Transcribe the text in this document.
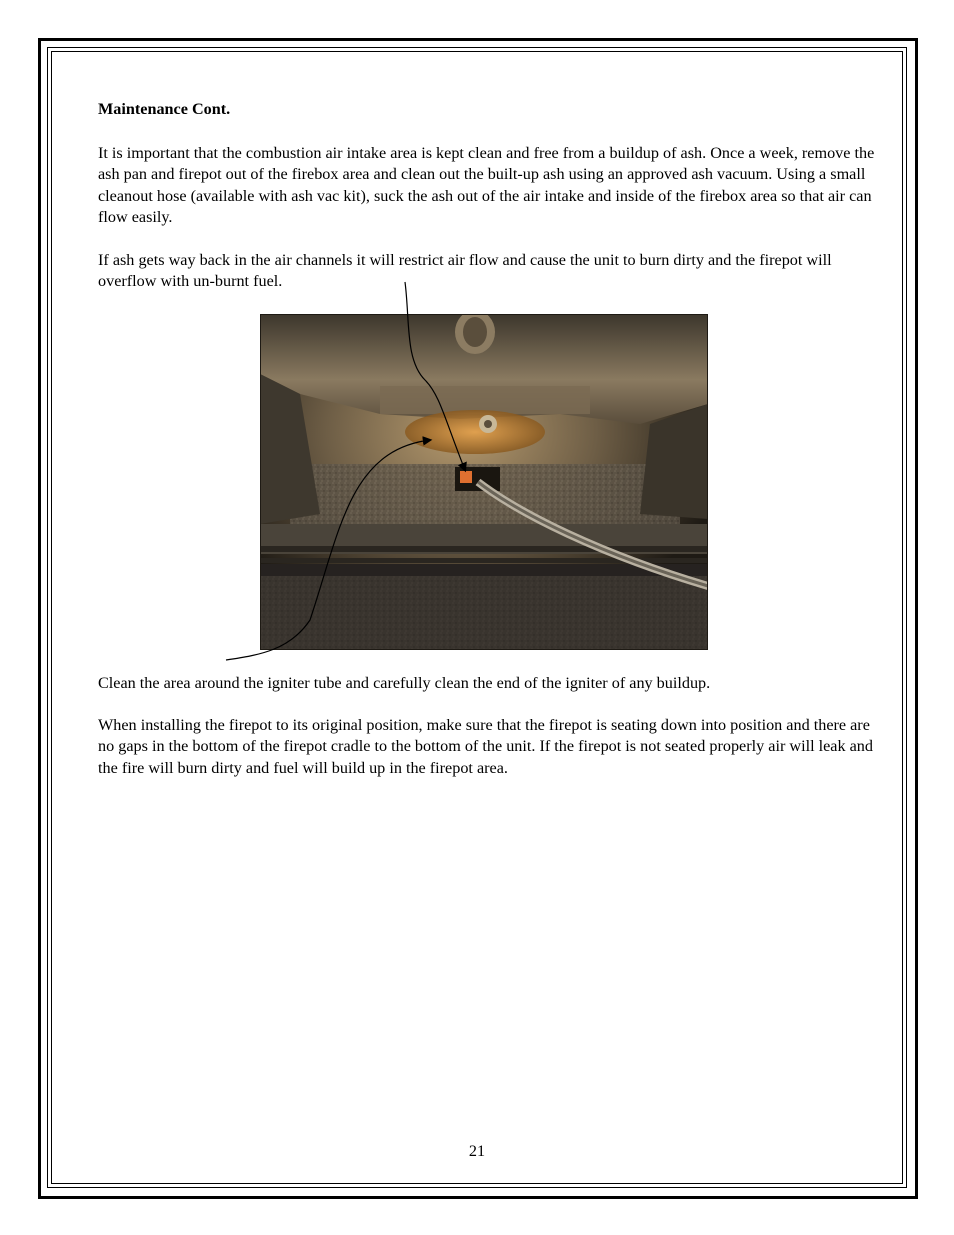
Maintenance Cont.

It is important that the combustion air intake area is kept clean and free from a buildup of ash. Once a week, remove the ash pan and firepot out of the firebox area and clean out the built-up ash using an approved ash vacuum. Using a small cleanout hose (available with ash vac kit), suck the ash out of the air intake and inside of the firebox area so that air can flow easily.

If ash gets way back in the air channels it will restrict air flow and cause the unit to burn dirty and the firepot will overflow with un-burnt fuel.

Clean the area around the igniter tube and carefully clean the end of the igniter of any buildup.

When installing the firepot to its original position, make sure that the firepot is seating down into position and there are no gaps in the bottom of the firepot cradle to the bottom of the unit. If the firepot is not seated properly air will leak and the fire will burn dirty and fuel will build up in the firepot area.

21
